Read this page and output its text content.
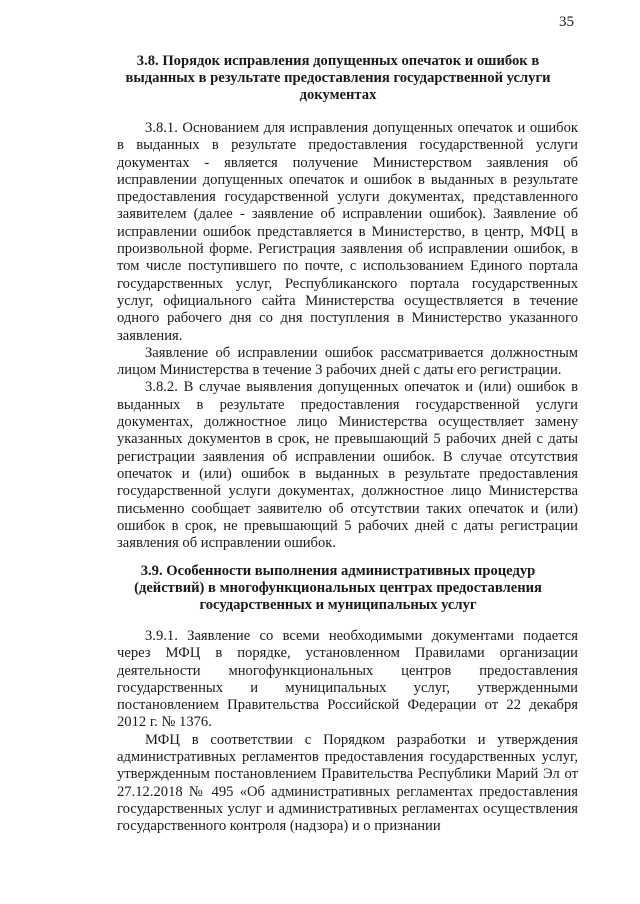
35
3.8. Порядок исправления допущенных опечаток и ошибок в выданных в результате предоставления государственной услуги документах

3.8.1. Основанием для исправления допущенных опечаток и ошибок в выданных в результате предоставления государственной услуги документах - является получение Министерством заявления об исправлении допущенных опечаток и ошибок в выданных в результате предоставления государственной услуги документах, представленного заявителем (далее - заявление об исправлении ошибок). Заявление об исправлении ошибок представляется в Министерство, в центр, МФЦ в произвольной форме. Регистрация заявления об исправлении ошибок, в том числе поступившего по почте, с использованием Единого портала государственных услуг, Республиканского портала государственных услуг, официального сайта Министерства осуществляется в течение одного рабочего дня со дня поступления в Министерство указанного заявления.

Заявление об исправлении ошибок рассматривается должностным лицом Министерства в течение 3 рабочих дней с даты его регистрации.

3.8.2. В случае выявления допущенных опечаток и (или) ошибок в выданных в результате предоставления государственной услуги документах, должностное лицо Министерства осуществляет замену указанных документов в срок, не превышающий 5 рабочих дней с даты регистрации заявления об исправлении ошибок. В случае отсутствия опечаток и (или) ошибок в выданных в результате предоставления государственной услуги документах, должностное лицо Министерства письменно сообщает заявителю об отсутствии таких опечаток и (или) ошибок в срок, не превышающий 5 рабочих дней с даты регистрации заявления об исправлении ошибок.

3.9. Особенности выполнения административных процедур (действий) в многофункциональных центрах предоставления государственных и муниципальных услуг

3.9.1. Заявление со всеми необходимыми документами подается через МФЦ в порядке, установленном Правилами организации деятельности многофункциональных центров предоставления государственных и муниципальных услуг, утвержденными постановлением Правительства Российской Федерации от 22 декабря 2012 г. № 1376.

МФЦ в соответствии с Порядком разработки и утверждения административных регламентов предоставления государственных услуг, утвержденным постановлением Правительства Республики Марий Эл от 27.12.2018 № 495 «Об административных регламентах предоставления государственных услуг и административных регламентах осуществления государственного контроля (надзора) и о признании
